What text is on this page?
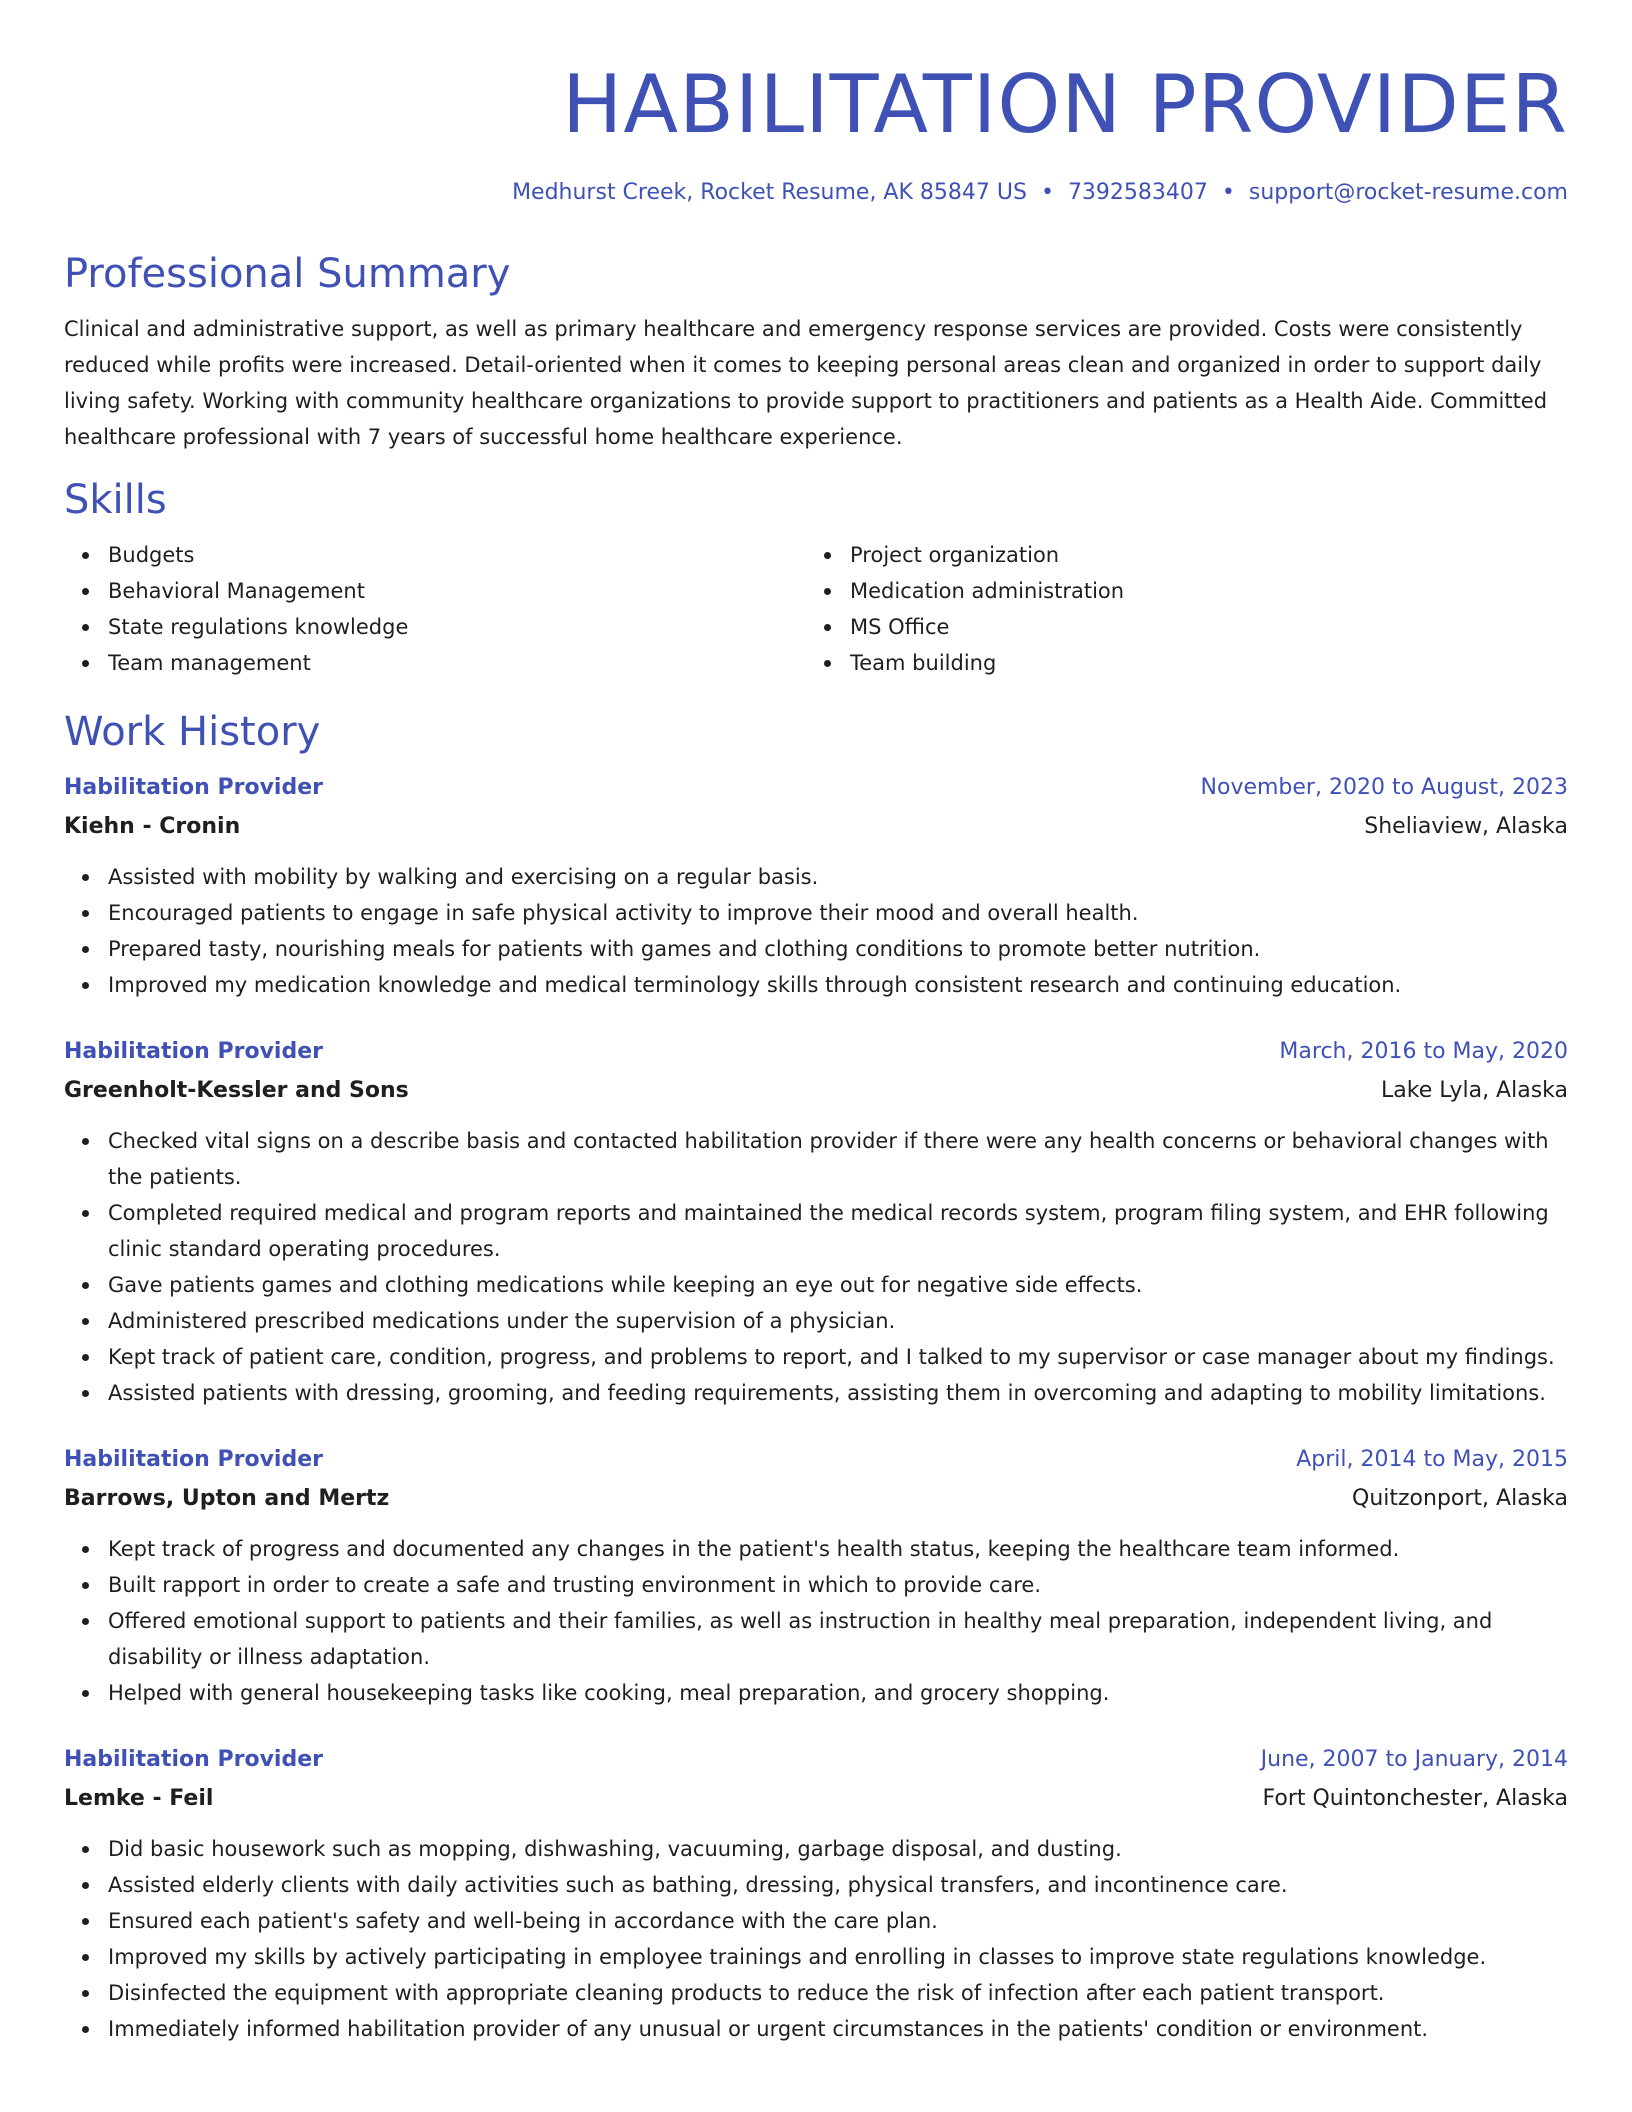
HABILITATION PROVIDER
Medhurst Creek, Rocket Resume, AK 85847 US • 7392583407 • support@rocket-resume.com
Professional Summary
Clinical and administrative support, as well as primary healthcare and emergency response services are provided. Costs were consistently reduced while profits were increased. Detail-oriented when it comes to keeping personal areas clean and organized in order to support daily living safety. Working with community healthcare organizations to provide support to practitioners and patients as a Health Aide. Committed healthcare professional with 7 years of successful home healthcare experience.
Skills
Budgets
Behavioral Management
State regulations knowledge
Team management
Project organization
Medication administration
MS Office
Team building
Work History
Habilitation Provider	November, 2020 to August, 2023
Kiehn - Cronin	Sheliaview, Alaska
Assisted with mobility by walking and exercising on a regular basis.
Encouraged patients to engage in safe physical activity to improve their mood and overall health.
Prepared tasty, nourishing meals for patients with games and clothing conditions to promote better nutrition.
Improved my medication knowledge and medical terminology skills through consistent research and continuing education.
Habilitation Provider	March, 2016 to May, 2020
Greenholt-Kessler and Sons	Lake Lyla, Alaska
Checked vital signs on a describe basis and contacted habilitation provider if there were any health concerns or behavioral changes with the patients.
Completed required medical and program reports and maintained the medical records system, program filing system, and EHR following clinic standard operating procedures.
Gave patients games and clothing medications while keeping an eye out for negative side effects.
Administered prescribed medications under the supervision of a physician.
Kept track of patient care, condition, progress, and problems to report, and I talked to my supervisor or case manager about my findings.
Assisted patients with dressing, grooming, and feeding requirements, assisting them in overcoming and adapting to mobility limitations.
Habilitation Provider	April, 2014 to May, 2015
Barrows, Upton and Mertz	Quitzonport, Alaska
Kept track of progress and documented any changes in the patient's health status, keeping the healthcare team informed.
Built rapport in order to create a safe and trusting environment in which to provide care.
Offered emotional support to patients and their families, as well as instruction in healthy meal preparation, independent living, and disability or illness adaptation.
Helped with general housekeeping tasks like cooking, meal preparation, and grocery shopping.
Habilitation Provider	June, 2007 to January, 2014
Lemke - Feil	Fort Quintonchester, Alaska
Did basic housework such as mopping, dishwashing, vacuuming, garbage disposal, and dusting.
Assisted elderly clients with daily activities such as bathing, dressing, physical transfers, and incontinence care.
Ensured each patient's safety and well-being in accordance with the care plan.
Improved my skills by actively participating in employee trainings and enrolling in classes to improve state regulations knowledge.
Disinfected the equipment with appropriate cleaning products to reduce the risk of infection after each patient transport.
Immediately informed habilitation provider of any unusual or urgent circumstances in the patients' condition or environment.
